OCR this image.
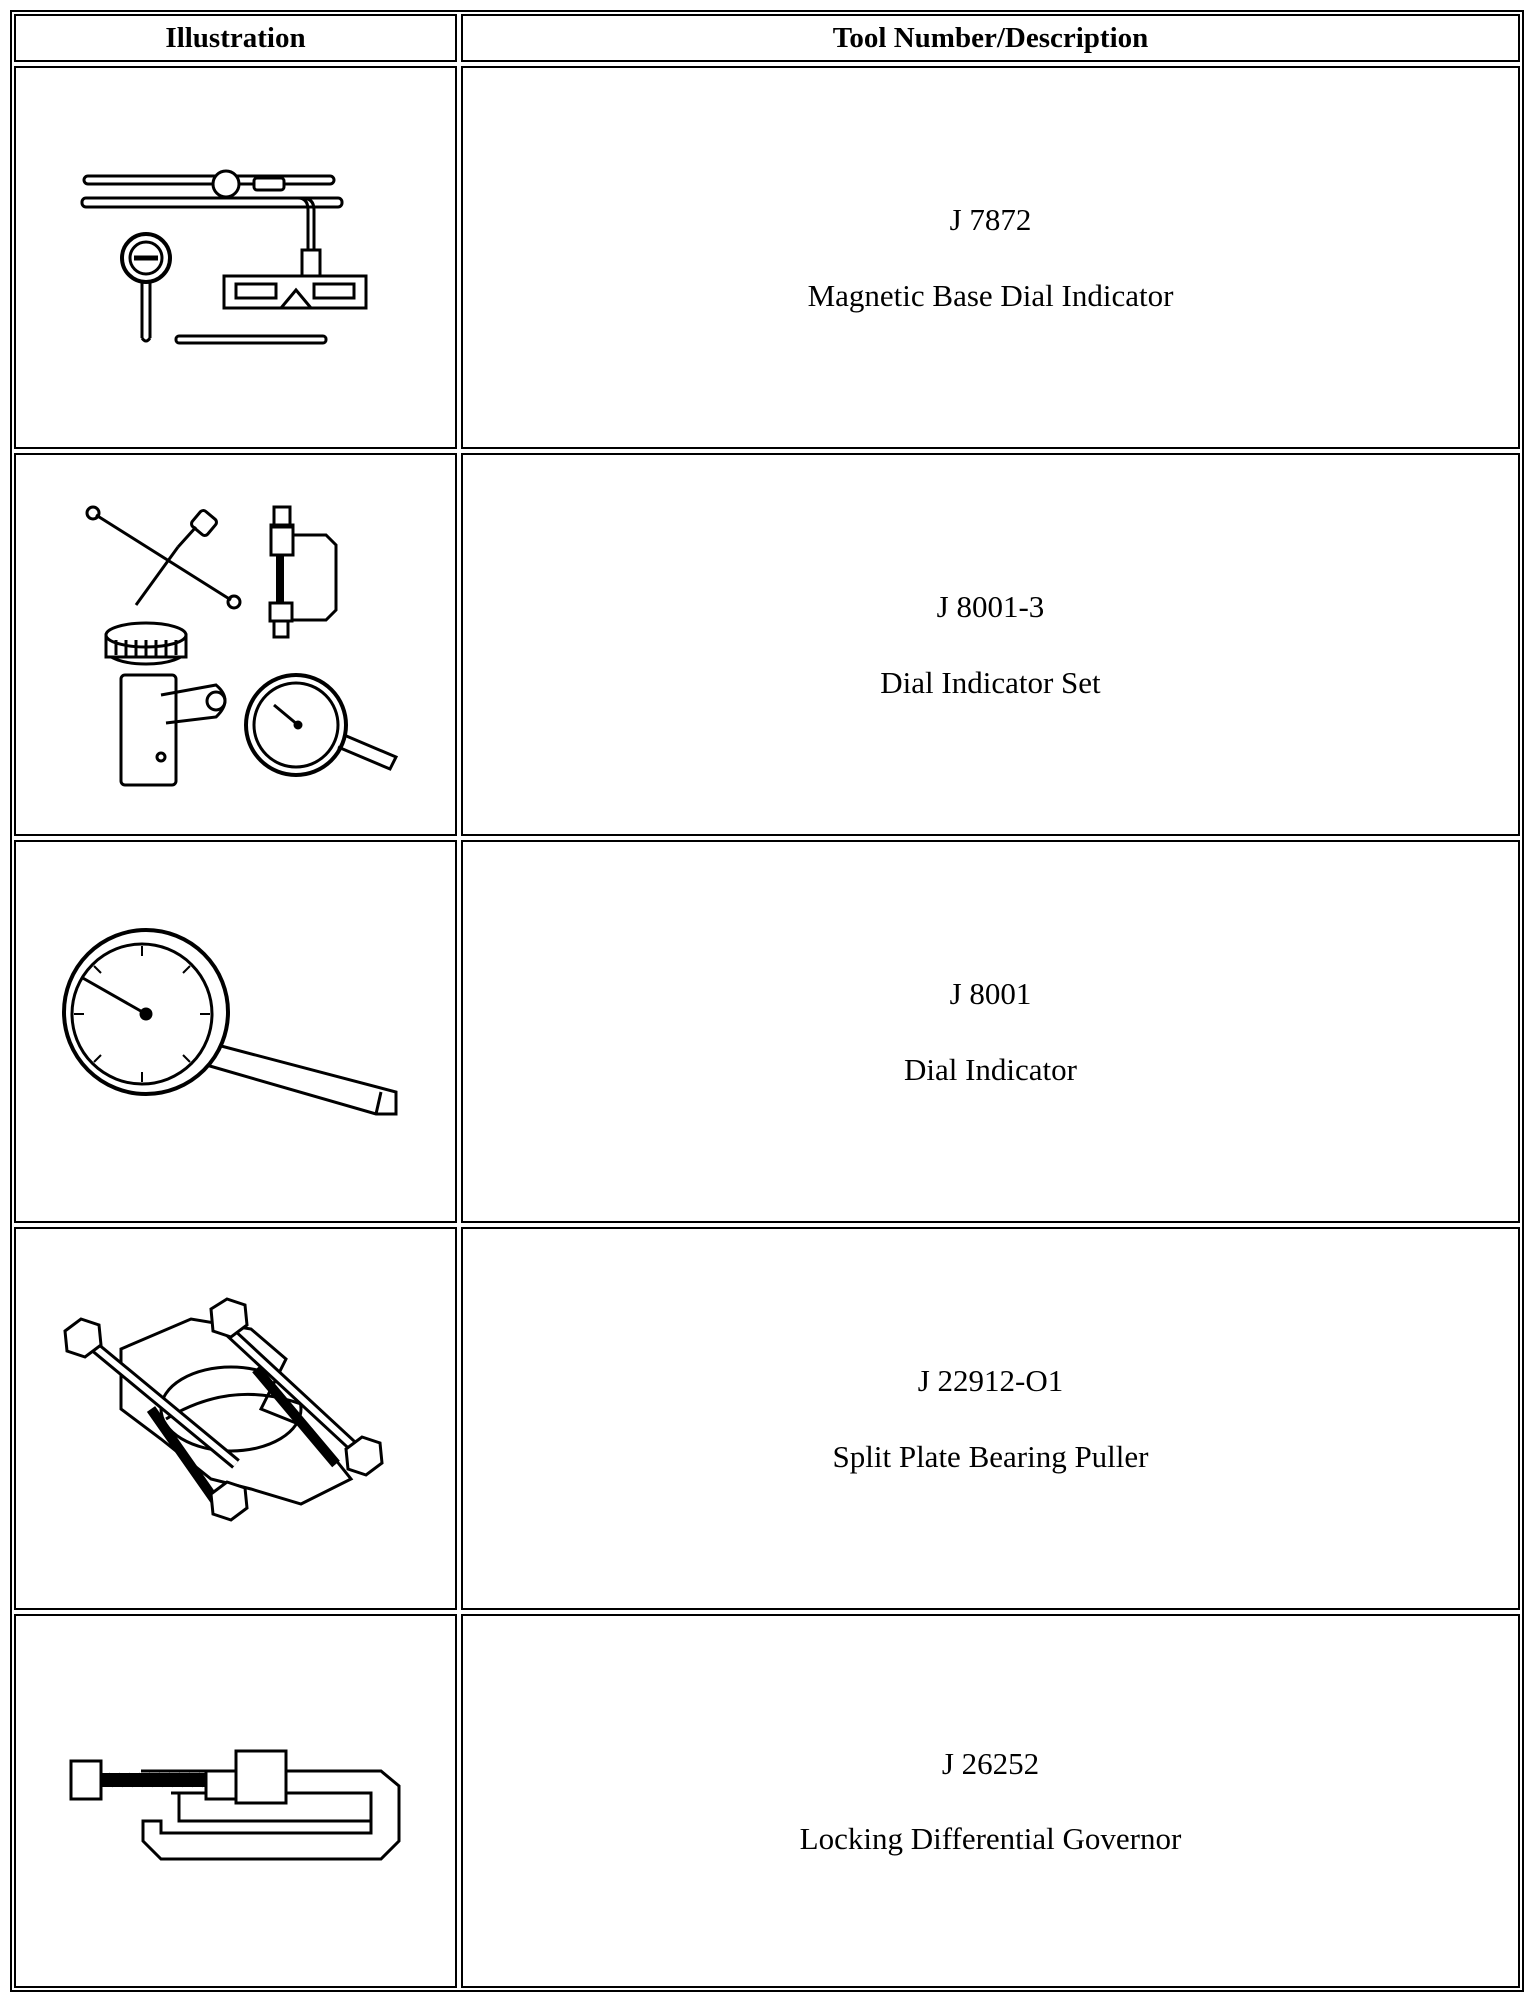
Illustration	Tool Number/Description
J 7872
Magnetic Base Dial Indicator
J 8001-3
Dial Indicator Set
J 8001
Dial Indicator
J 22912-O1
Split Plate Bearing Puller
J 26252
Locking Differential Governor
